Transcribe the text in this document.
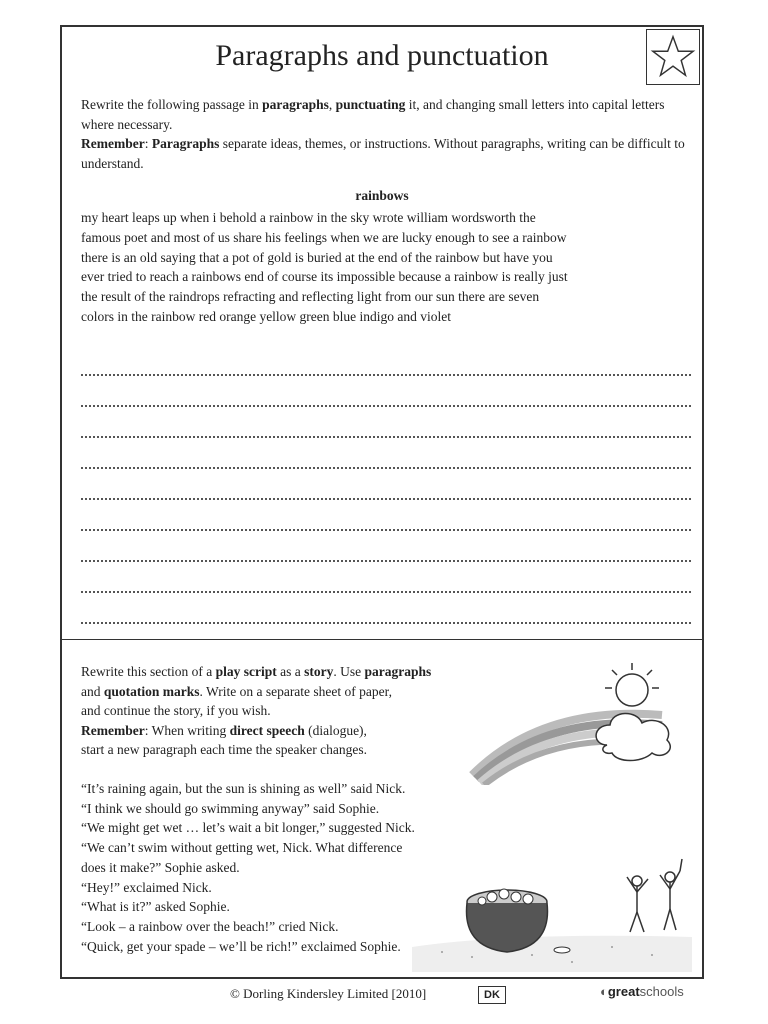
Paragraphs and punctuation
Rewrite the following passage in paragraphs, punctuating it, and changing small letters into capital letters where necessary.
Remember: Paragraphs separate ideas, themes, or instructions. Without paragraphs, writing can be difficult to understand.
rainbows
my heart leaps up when i behold a rainbow in the sky wrote william wordsworth the
famous poet and most of us share his feelings when we are lucky enough to see a rainbow
there is an old saying that a pot of gold is buried at the end of the rainbow but have you
ever tried to reach a rainbows end of course its impossible because a rainbow is really just
the result of the raindrops refracting and reflecting light from our sun there are seven
colors in the rainbow red orange yellow green blue indigo and violet
Rewrite this section of a play script as a story. Use paragraphs
and quotation marks. Write on a separate sheet of paper,
and continue the story, if you wish.
Remember: When writing direct speech (dialogue),
start a new paragraph each time the speaker changes.
“It’s raining again, but the sun is shining as well” said Nick.
“I think we should go swimming anyway” said Sophie.
“We might get wet … let’s wait a bit longer,” suggested Nick.
“We can’t swim without getting wet, Nick. What difference
does it make?” Sophie asked.
“Hey!” exclaimed Nick.
“What is it?” asked Sophie.
“Look – a rainbow over the beach!” cried Nick.
“Quick, get your spade – we’ll be rich!” exclaimed Sophie.
© Dorling Kindersley Limited [2010]	DK	◐greatschools
